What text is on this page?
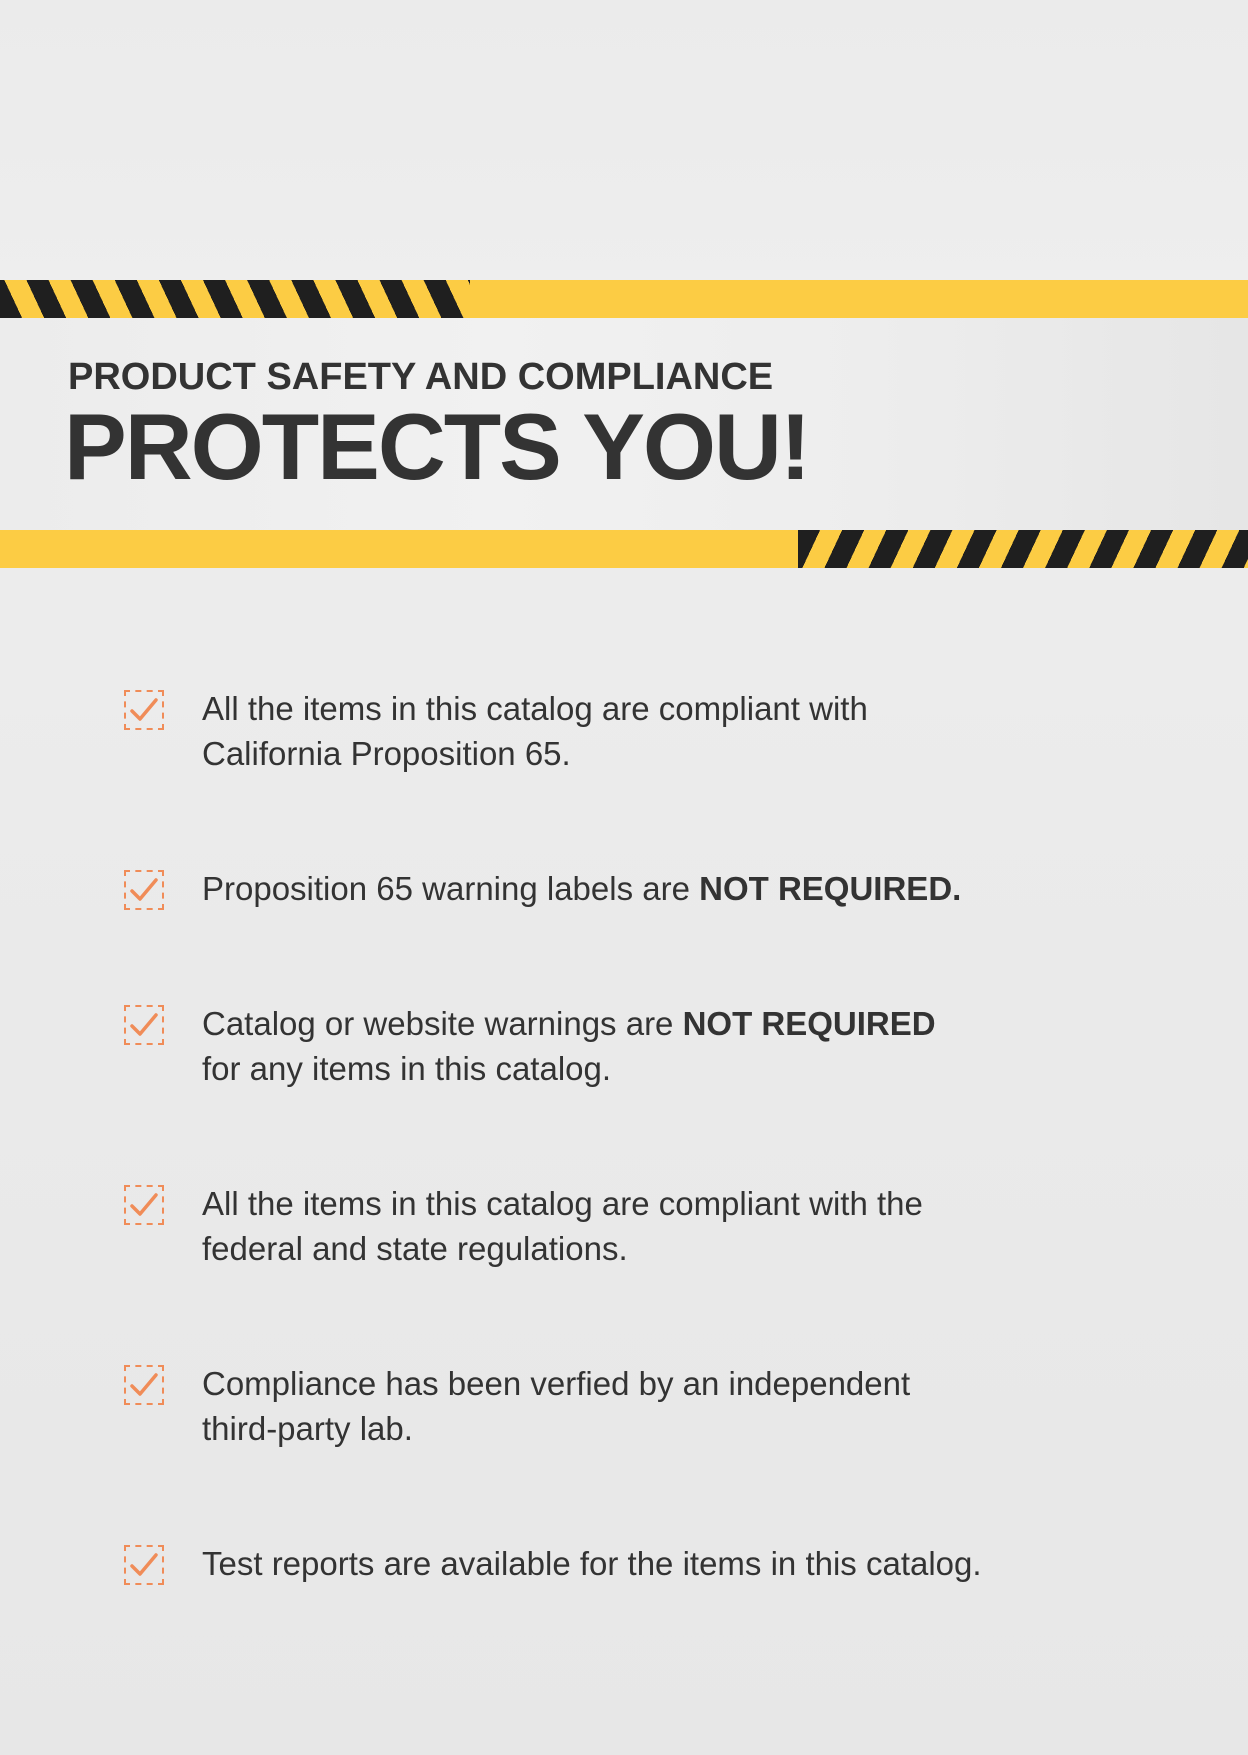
PRODUCT SAFETY AND COMPLIANCE
PROTECTS YOU!
All the items in this catalog are compliant with
California Proposition 65.
Proposition 65 warning labels are NOT REQUIRED.
Catalog or website warnings are NOT REQUIRED
for any items in this catalog.
All the items in this catalog are compliant with the
federal and state regulations.
Compliance has been verfied by an independent
third-party lab.
Test reports are available for the items in this catalog.
